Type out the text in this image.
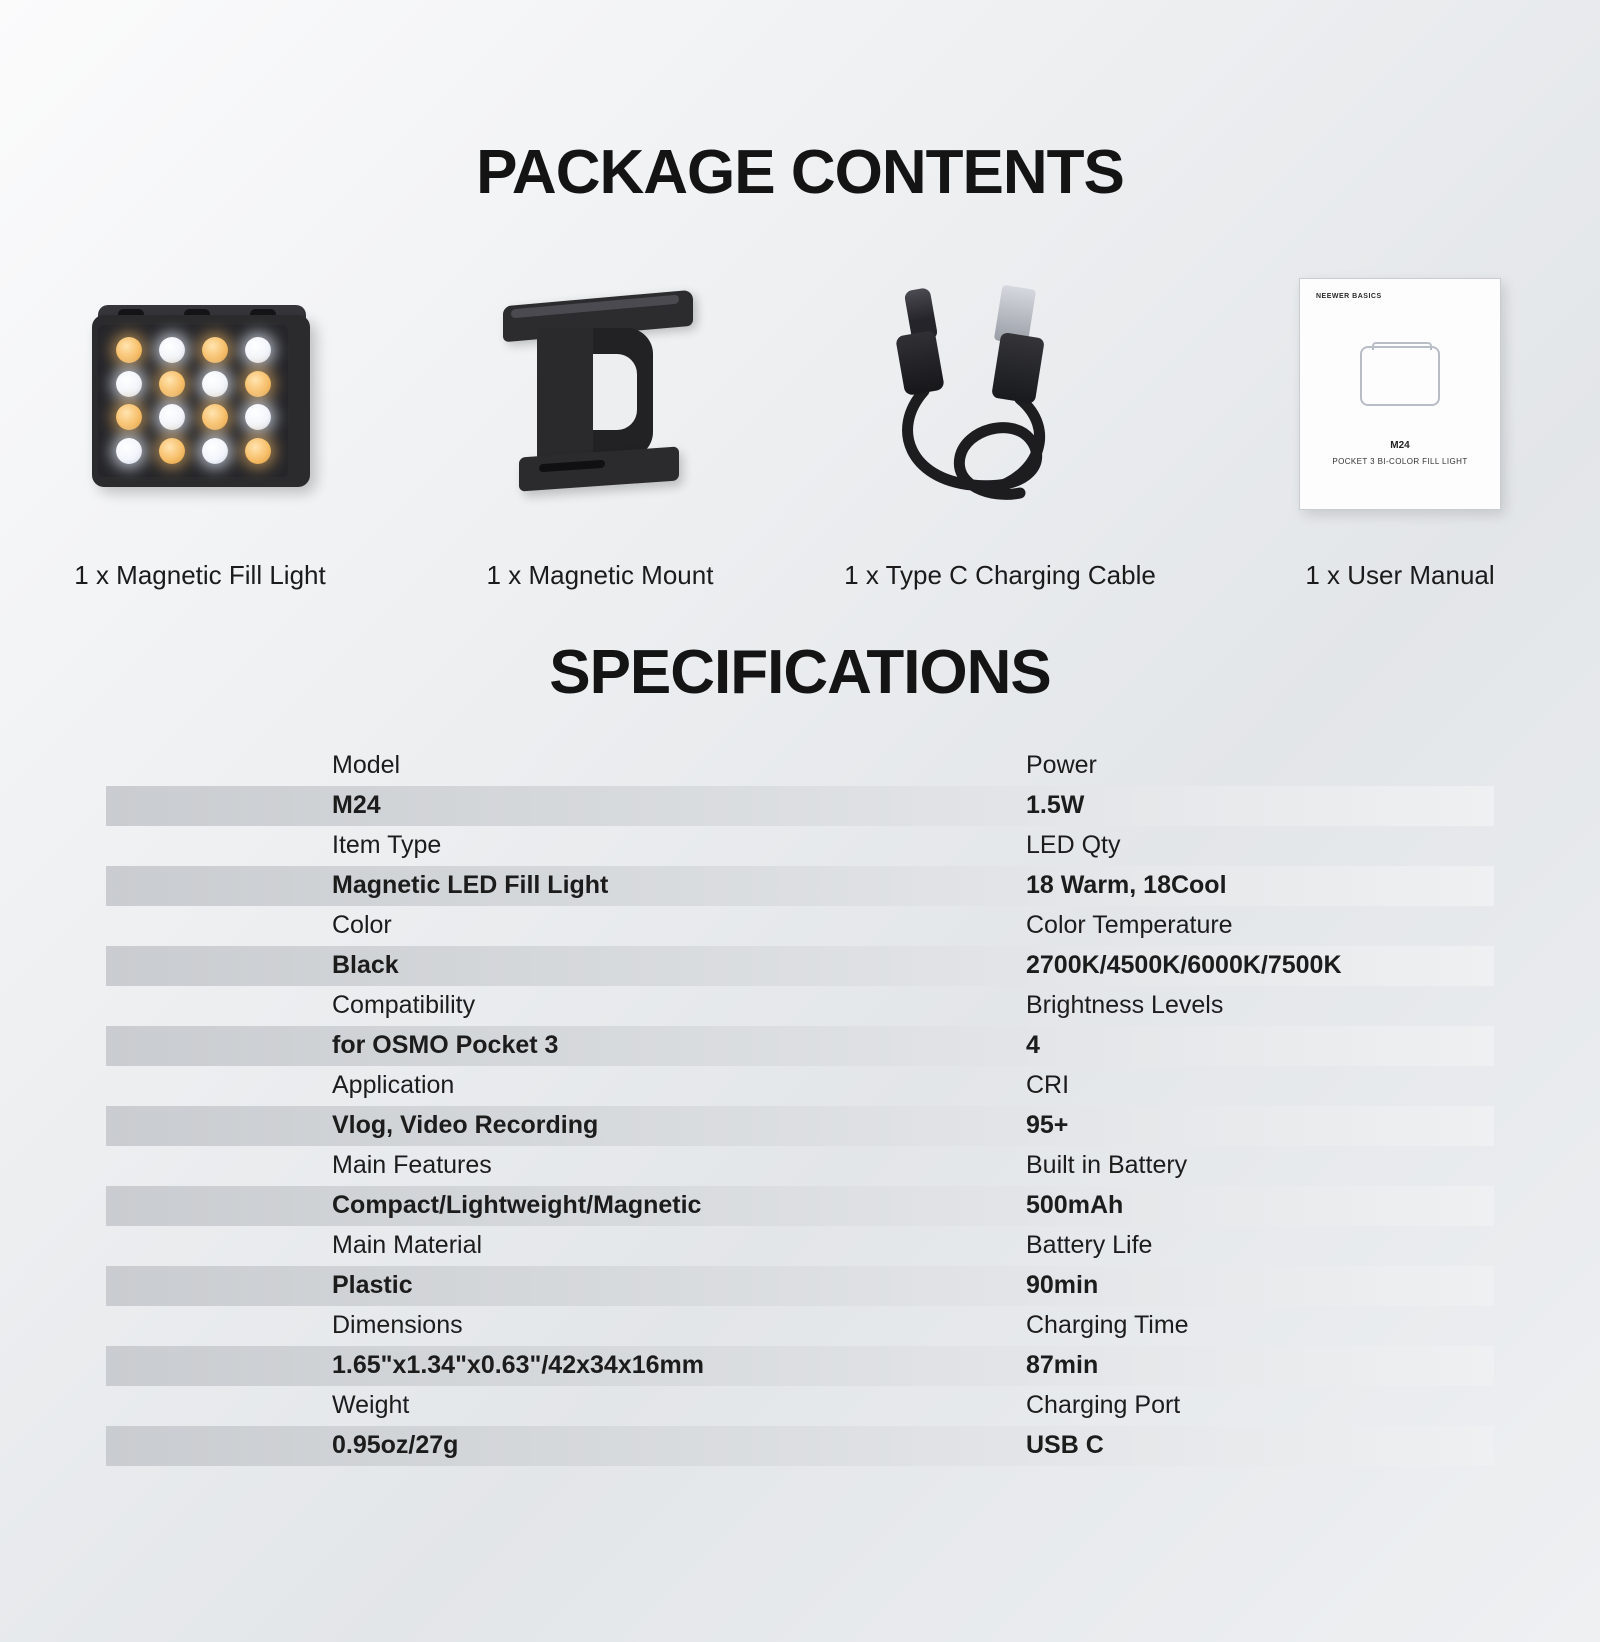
PACKAGE CONTENTS
1 x Magnetic Fill Light	1 x Magnetic Mount	1 x Type C Charging Cable
NEEWER BASICS
M24
POCKET 3 BI-COLOR FILL LIGHT
1 x User Manual
SPECIFICATIONS
Model	Power
M24	1.5W
Item Type	LED Qty
Magnetic LED Fill Light	18 Warm, 18Cool
Color	Color Temperature
Black	2700K/4500K/6000K/7500K
Compatibility	Brightness Levels
for OSMO Pocket 3	4
Application	CRI
Vlog, Video Recording	95+
Main Features	Built in Battery
Compact/Lightweight/Magnetic	500mAh
Main Material	Battery Life
Plastic	90min
Dimensions	Charging Time
1.65"x1.34"x0.63"/42x34x16mm	87min
Weight	Charging Port
0.95oz/27g	USB C
